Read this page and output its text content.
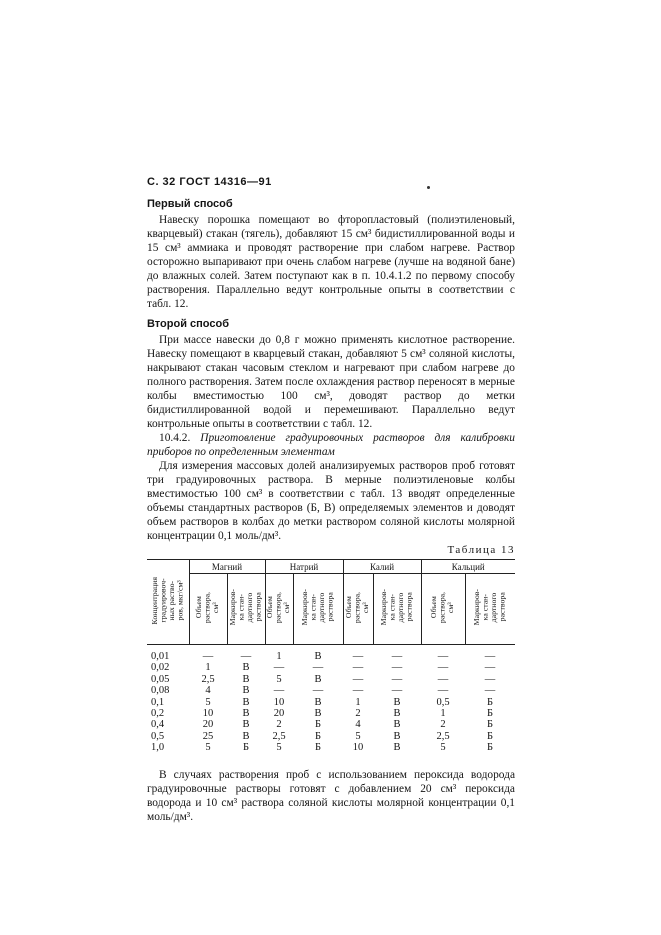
С. 32 ГОСТ 14316—91
Первый способ

Навеску порошка помещают во фторопластовый (полиэтиленовый, кварцевый) стакан (тягель), добавляют 15 см³ бидистиллированной воды и 15 см³ аммиака и проводят растворение при слабом нагреве. Раствор осторожно выпаривают при очень слабом нагреве (лучше на водяной бане) до влажных солей. Затем поступают как в п. 10.4.1.2 по первому способу растворения. Параллельно ведут контрольные опыты в соответствии с табл. 12.

Второй способ

При массе навески до 0,8 г можно применять кислотное растворение. Навеску помещают в кварцевый стакан, добавляют 5 см³ соляной кислоты, накрывают стакан часовым стеклом и нагревают при слабом нагреве до полного растворения. Затем после охлаждения раствор переносят в мерные колбы вместимостью 100 см³, доводят раствор до метки бидистиллированной водой и перемешивают. Параллельно ведут контрольные опыты в соответствии с табл. 12.

10.4.2. Приготовление градуировочных растворов для калибровки приборов по определенным элементам

Для измерения массовых долей анализируемых растворов проб готовят три градуировочных раствора. В мерные полиэтиленовые колбы вместимостью 100 см³ в соответствии с табл. 13 вводят определенные объемы стандартных растворов (Б, В) определяемых элементов и доводят объем растворов в колбах до метки раствором соляной кислоты молярной концентрации 0,1 моль/дм³.

Таблица 13
Концентрация
градуировоч-
ных раство-
ров, мкг/см³	Магний		Натрий		Калий		Кальций	
	Объем
раствора,
см³	Маркиров-
ка стан-
дартного
раствора	Объем
раствора,
см³	Маркиров-
ка стан-
дартного
раствора	Объем
раствора,
см³	Маркиров-
ка стан-
дартного
раствора	Объем
раствора,
см³	Маркиров-
ка стан-
дартного
раствора
0,01	—	—	1	В	—	—	—	—
0,02	1	В	—	—	—	—	—	—
0,05	2,5	В	5	В	—	—	—	—
0,08	4	В	—	—	—	—	—	—
0,1	5	В	10	В	1	В	0,5	Б
0,2	10	В	20	В	2	В	1	Б
0,4	20	В	2	Б	4	В	2	Б
0,5	25	В	2,5	Б	5	В	2,5	Б
1,0	5	Б	5	Б	10	В	5	Б

В случаях растворения проб с использованием пероксида водорода градуировочные растворы готовят с добавлением 20 см³ пероксида водорода и 10 см³ раствора соляной кислоты молярной концентрации 0,1 моль/дм³.
